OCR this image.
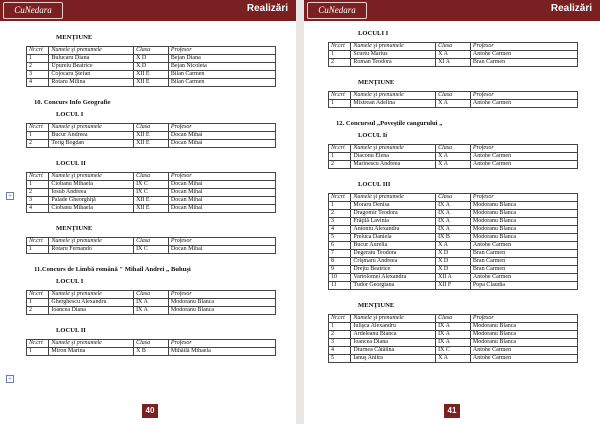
CuNedara	Realizări
MENŢIUNE
Nr.crt	Numele şi prenumele	Clasa	Profesor
1	Bulucaru Diana	X D	Bejan Diana
2	Upurelu Beatrice	X D	Bejan Nicoleta
3	Cojocaru Ştefan	XII E	Bilan Carmen
4	Rotaru Milina	XII E	Bilan Carmen
10. Concurs Info Geografie
LOCUL I
Nr.crt	Numele şi prenumele	Clasa	Profesor
1	Bucur Andreea	XII E	Docan Mihai
2	Terig Bogdan	XII E	Docan Mihai
LOCUL II
Nr.crt	Numele şi prenumele	Clasa	Profesor
1	Ciobanu Mihaela	IX C	Docan Mihai
2	Iosub Andreea	IX C	Docan Mihai
3	Palade Gheorghiţă	XII E	Docan Mihai
4	Ciobanu Mihaela	XII E	Docan Mihai
MENŢIUNE
Nr.crt	Numele şi prenumele	Clasa	Profesor
1	Rotaru Fernando	IX C	Docan Mihai
11.Concurs de Limbă română " Mihail Andrei „ Buhuşi
LOCUL I
Nr.crt	Numele şi prenumele	Clasa	Profesor
1	Gherghescu Alexandru	IX A	Modoranu Blanca
2	Ioancea Diana	IX A	Modoranu Blanca
LOCUL II
Nr.crt	Numele şi prenumele	Clasa	Profesor
1	Miron Marina	X B	Mihăilă Mihaela
+
+
40
CuNedara	Realizări
LOCULI I
Nr.crt	Numele şi prenumele	Clasa	Profesor
1	Scurtu Marius	X A	Antohe Carmen
2	Roman Teodora	XI A	Bran Carmen
MENŢIUNE
Nr.crt	Numele şi prenumele	Clasa	Profesor
1	Mistrean Adelina	X A	Antohe Carmen
12. Concursul „Poveştile cangurului „
LOCUL Ii
Nr.crt	Numele şi prenumele	Clasa	Profesor
1	Diaconu Elena	X A	Antohe Carmen
2	Marinescu Andreea	X A	Antohe Carmen
LOCUL III
Nr.crt	Numele şi prenumele	Clasa	Profesor
1	Moraru Denisa	IX A	Modoranu Blanca
2	Dragomir Teodora	IX A	Modoranu Blanca
3	Frăţilă Lavinia	IX A	Modoranu Blanca
4	Antoniu Alexandra	IX A	Modoranu Blanca
5	Preluca Daniela	IX B	Modoranu Blanca
6	Bucur Aurelia	X A	Antohe Carmen
7	Degeratu Teodora	X D	Bran Carmen
8	Crişmaru Andreea	X D	Bran Carmen
9	Drejtu Beatrice	X D	Bran Carmen
10	Vartolomei Alexandra	XII A	Antohe Carmen
11	Tudor Georgiana	XII F	Popa Claudia
MENŢIUNE
Nr.crt	Numele şi prenumele	Clasa	Profesor
1	Iulişca Alexandru	IX A	Modoranu Blanca
2	Ardeleanu Bianca	IX A	Modoranu Blanca
3	Ioancea Diana	IX A	Modoranu Blanca
4	Diurnea Cătălina	IX C	Antohe Carmen
5	Ianuş Anitra	X A	Antohe Carmen
41
